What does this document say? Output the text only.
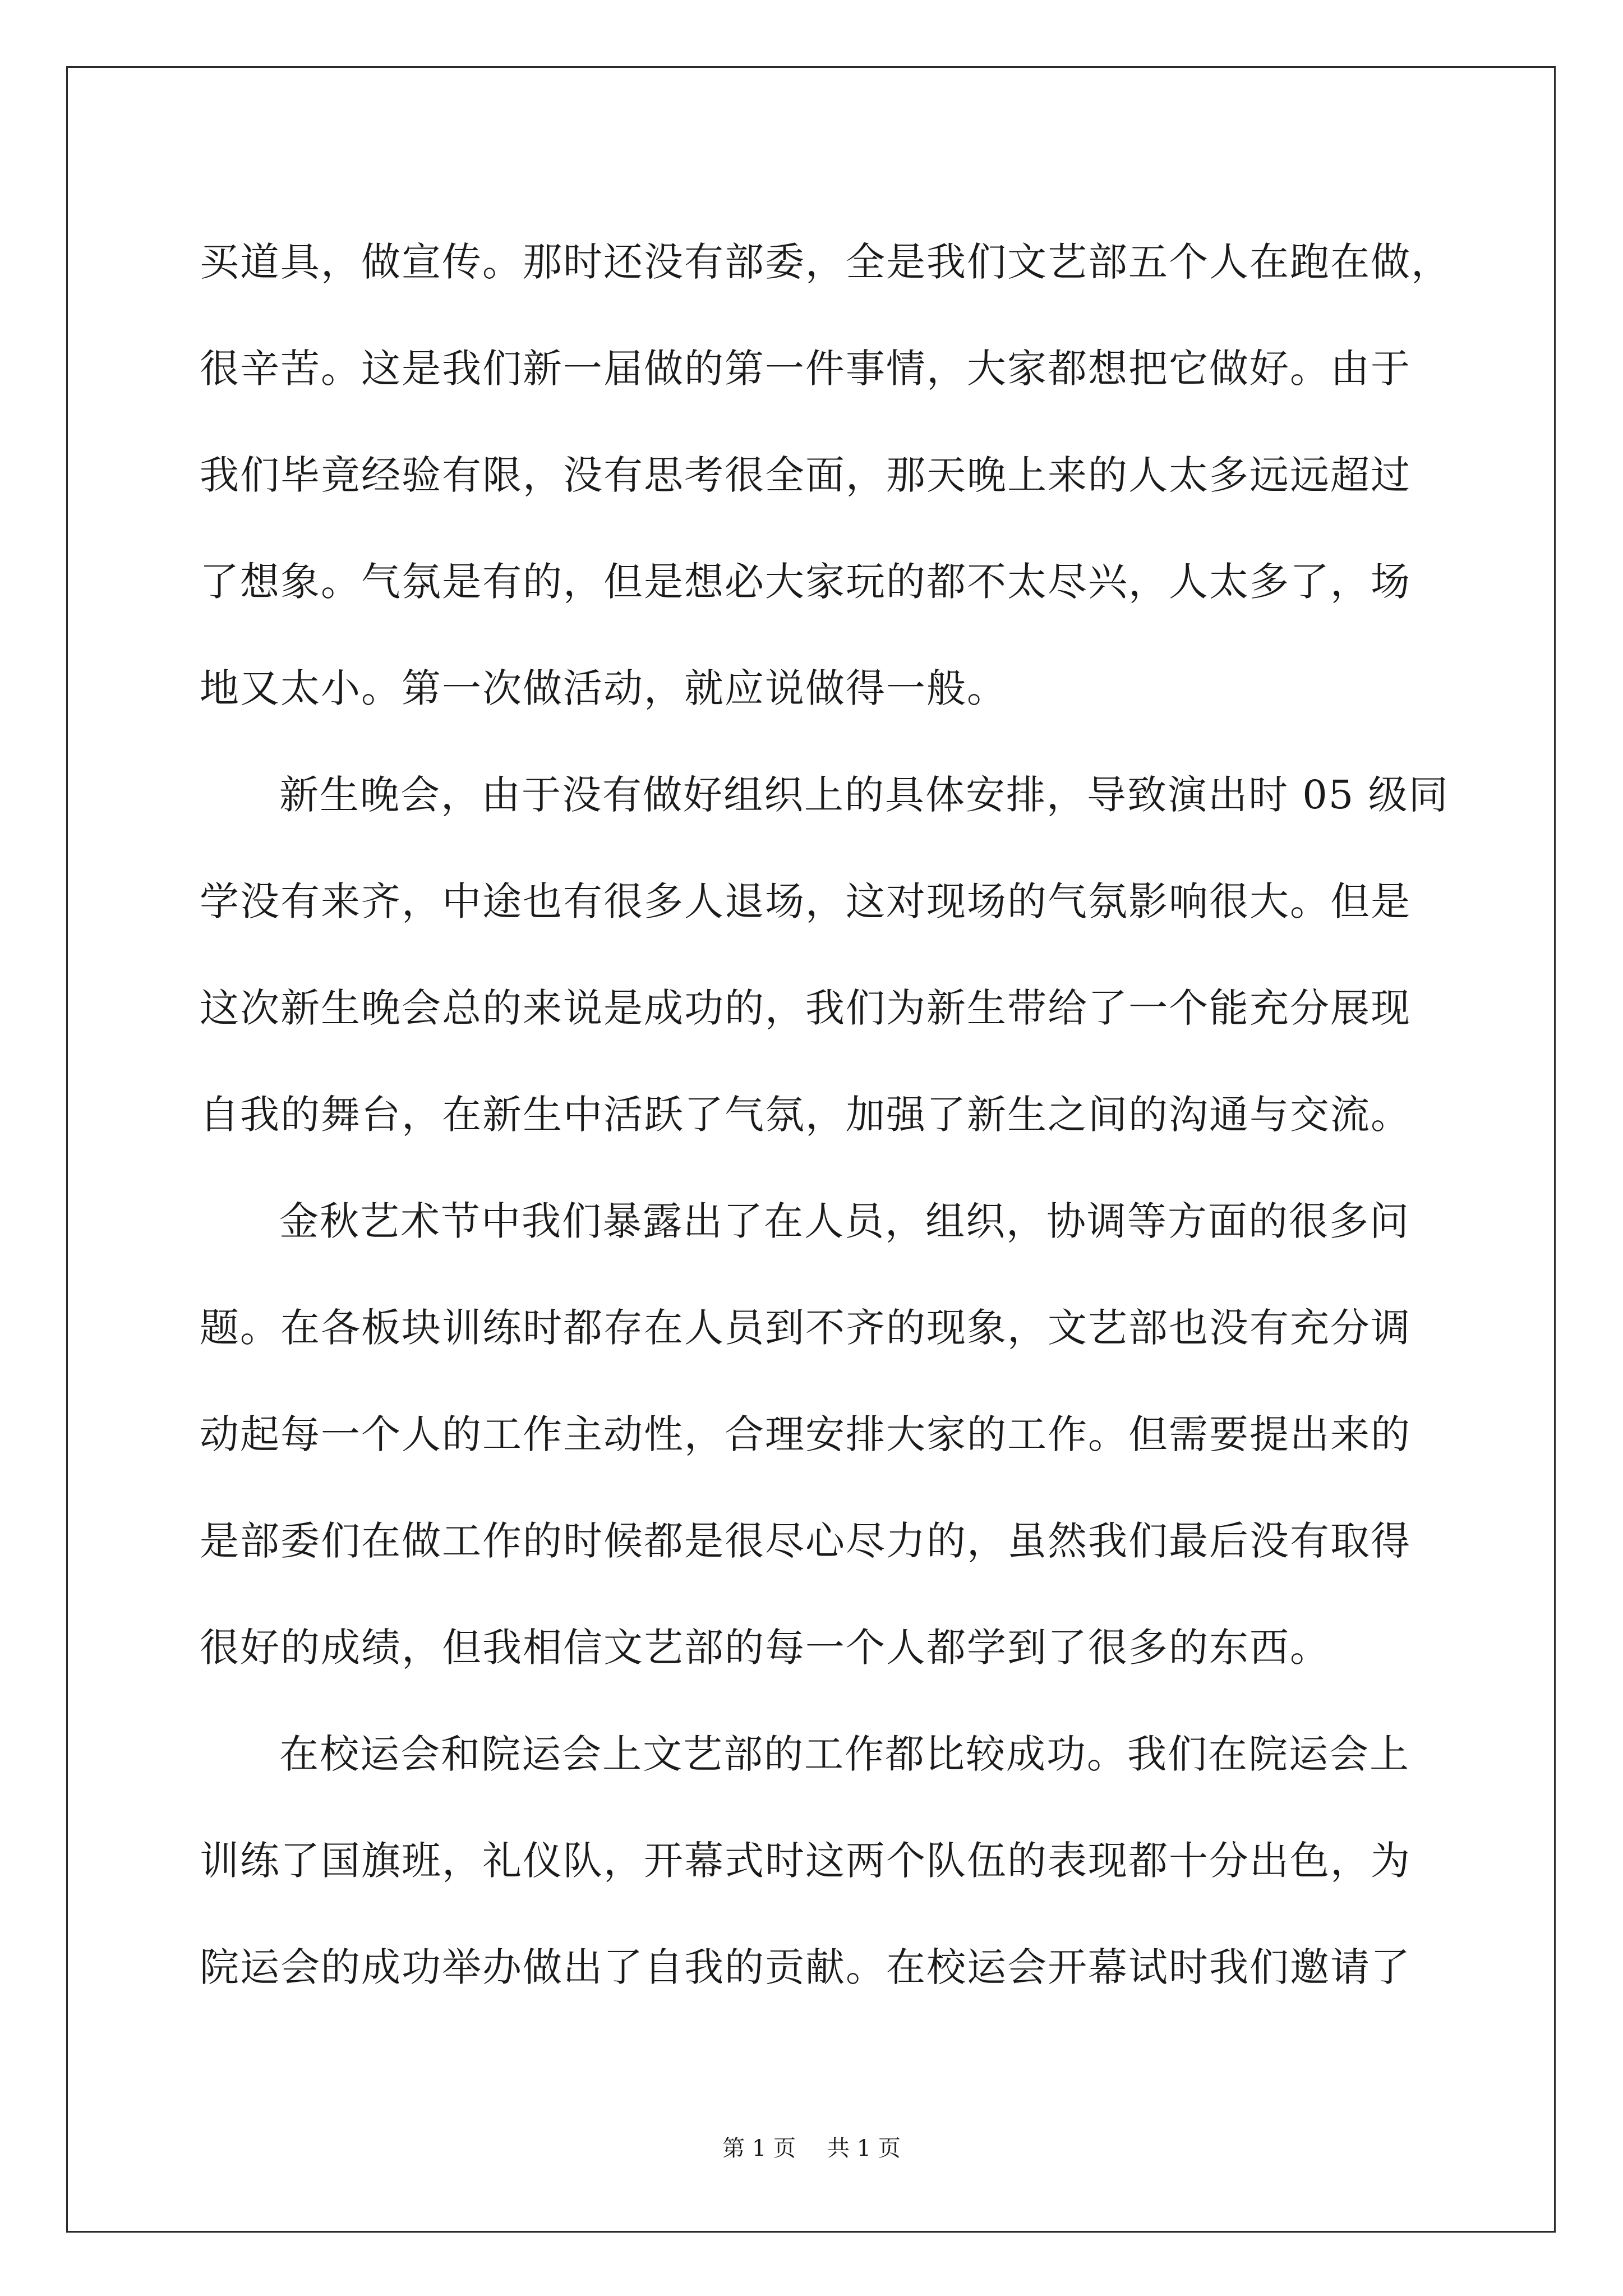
买道具，做宣传。那时还没有部委，全是我们文艺部五个人在跑在做，
很辛苦。这是我们新一届做的第一件事情，大家都想把它做好。由于
我们毕竟经验有限，没有思考很全面，那天晚上来的人太多远远超过
了想象。气氛是有的，但是想必大家玩的都不太尽兴，人太多了，场
地又太小。第一次做活动，就应说做得一般。
新生晚会，由于没有做好组织上的具体安排，导致演出时 05 级同
学没有来齐，中途也有很多人退场，这对现场的气氛影响很大。但是
这次新生晚会总的来说是成功的，我们为新生带给了一个能充分展现
自我的舞台，在新生中活跃了气氛，加强了新生之间的沟通与交流。
金秋艺术节中我们暴露出了在人员，组织，协调等方面的很多问
题。在各板块训练时都存在人员到不齐的现象，文艺部也没有充分调
动起每一个人的工作主动性，合理安排大家的工作。但需要提出来的
是部委们在做工作的时候都是很尽心尽力的，虽然我们最后没有取得
很好的成绩，但我相信文艺部的每一个人都学到了很多的东西。
在校运会和院运会上文艺部的工作都比较成功。我们在院运会上
训练了国旗班，礼仪队，开幕式时这两个队伍的表现都十分出色，为
院运会的成功举办做出了自我的贡献。在校运会开幕试时我们邀请了
第 1 页 共 1 页
